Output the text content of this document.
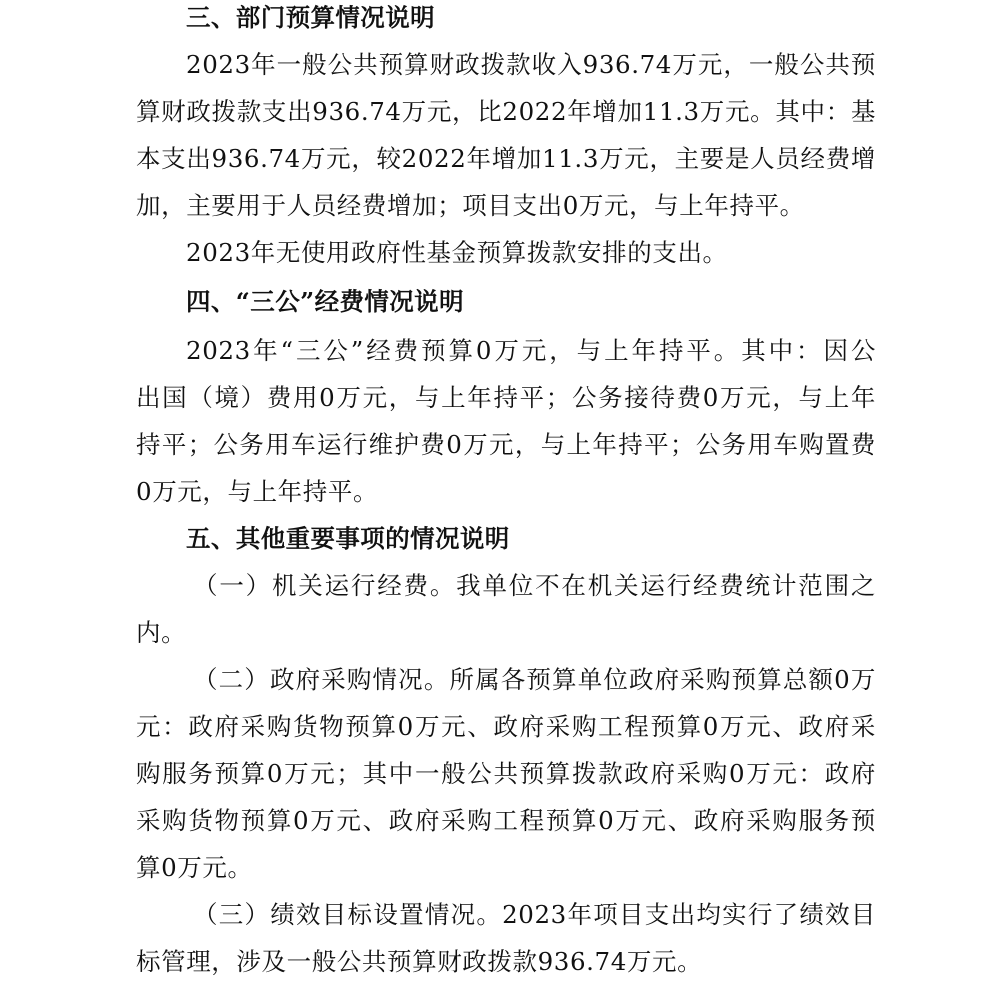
三、部门预算情况说明
2023年一般公共预算财政拨款收入936.74万元，一般公共预
算财政拨款支出936.74万元，比2022年增加11.3万元。其中：基
本支出936.74万元，较2022年增加11.3万元，主要是人员经费增
加，主要用于人员经费增加；项目支出0万元，与上年持平。
2023年无使用政府性基金预算拨款安排的支出。
四、“三公”经费情况说明
2023年“三公”经费预算0万元，与上年持平。其中：因公
出国（境）费用0万元，与上年持平；公务接待费0万元，与上年
持平；公务用车运行维护费0万元，与上年持平；公务用车购置费
0万元，与上年持平。
五、其他重要事项的情况说明
（一）机关运行经费。我单位不在机关运行经费统计范围之
内。
（二）政府采购情况。所属各预算单位政府采购预算总额0万
元：政府采购货物预算0万元、政府采购工程预算0万元、政府采
购服务预算0万元；其中一般公共预算拨款政府采购0万元：政府
采购货物预算0万元、政府采购工程预算0万元、政府采购服务预
算0万元。
（三）绩效目标设置情况。2023年项目支出均实行了绩效目
标管理，涉及一般公共预算财政拨款936.74万元。
